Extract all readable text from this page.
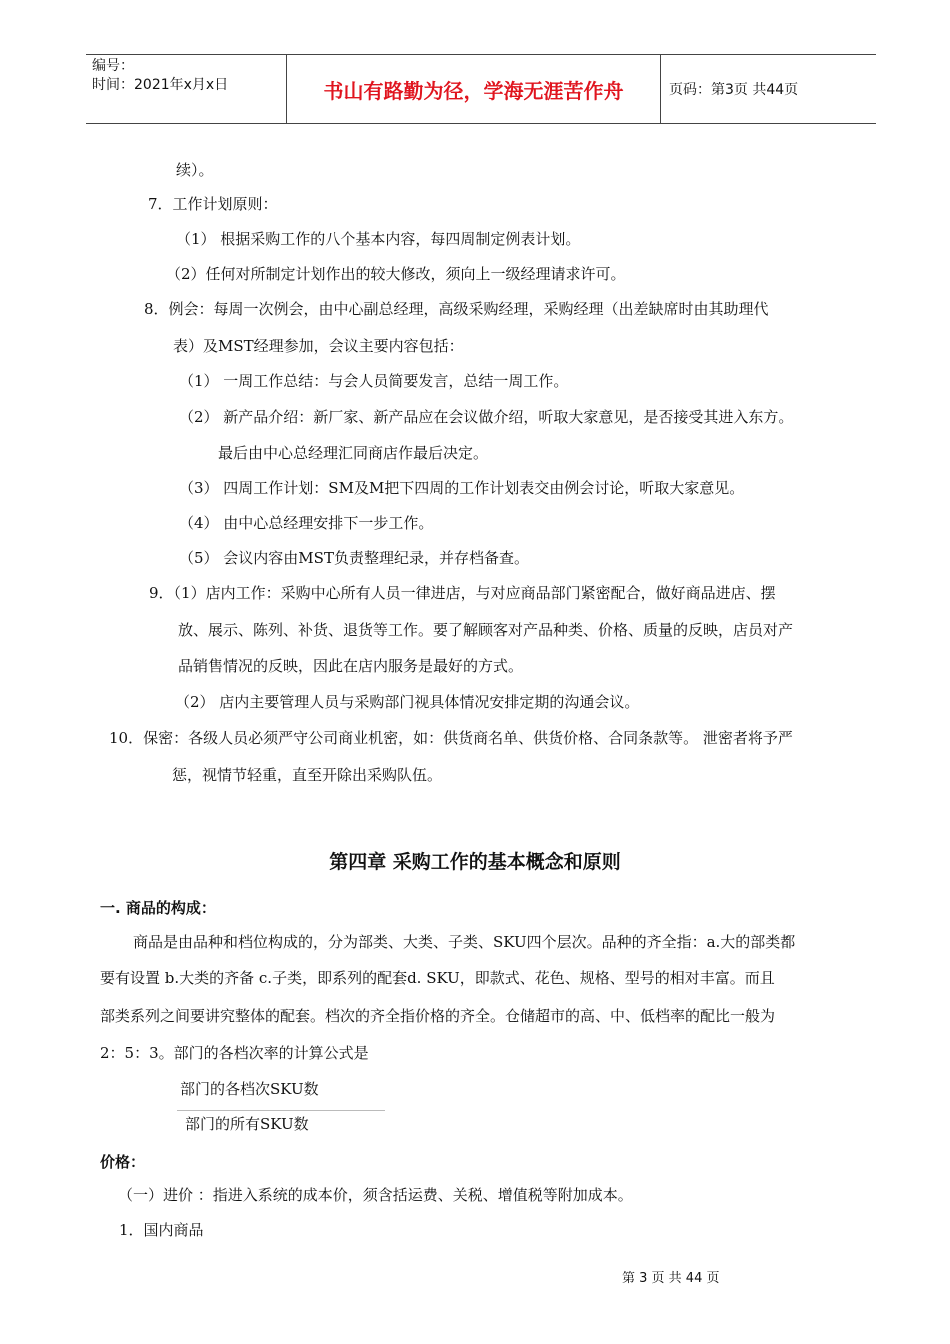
编号：
时间：2021年x月x日	书山有路勤为径，学海无涯苦作舟	页码：第3页 共44页
续）。
7．工作计划原则：
（1） 根据采购工作的八个基本内容，每四周制定例表计划。
（2）任何对所制定计划作出的较大修改，须向上一级经理请求许可。
8．例会：每周一次例会，由中心副总经理，高级采购经理，采购经理（出差缺席时由其助理代
表）及MST经理参加，会议主要内容包括：
（1） 一周工作总结：与会人员简要发言，总结一周工作。
（2） 新产品介绍：新厂家、新产品应在会议做介绍，听取大家意见，是否接受其进入东方。
最后由中心总经理汇同商店作最后决定。
（3） 四周工作计划：SM及M把下四周的工作计划表交由例会讨论，听取大家意见。
（4） 由中心总经理安排下一步工作。
（5） 会议内容由MST负责整理纪录，并存档备查。
9．（1）店内工作：采购中心所有人员一律进店，与对应商品部门紧密配合，做好商品进店、摆
放、展示、陈列、补货、退货等工作。要了解顾客对产品种类、价格、质量的反映，店员对产
品销售情况的反映，因此在店内服务是最好的方式。
（2） 店内主要管理人员与采购部门视具体情况安排定期的沟通会议。
10．保密：各级人员必须严守公司商业机密，如：供货商名单、供货价格、合同条款等。 泄密者将予严
惩，视情节轻重，直至开除出采购队伍。
第四章 采购工作的基本概念和原则
一. 商品的构成：
商品是由品种和档位构成的，分为部类、大类、子类、SKU四个层次。品种的齐全指：a.大的部类都
要有设置 b.大类的齐备 c.子类，即系列的配套d. SKU，即款式、花色、规格、型号的相对丰富。而且
部类系列之间要讲究整体的配套。档次的齐全指价格的齐全。仓储超市的高、中、低档率的配比一般为
2：5：3。部门的各档次率的计算公式是
部门的各档次SKU数
部门的所有SKU数
价格：
（一）进价 ：指进入系统的成本价，须含括运费、关税、增值税等附加成本。
1．国内商品
第 3 页 共 44 页
